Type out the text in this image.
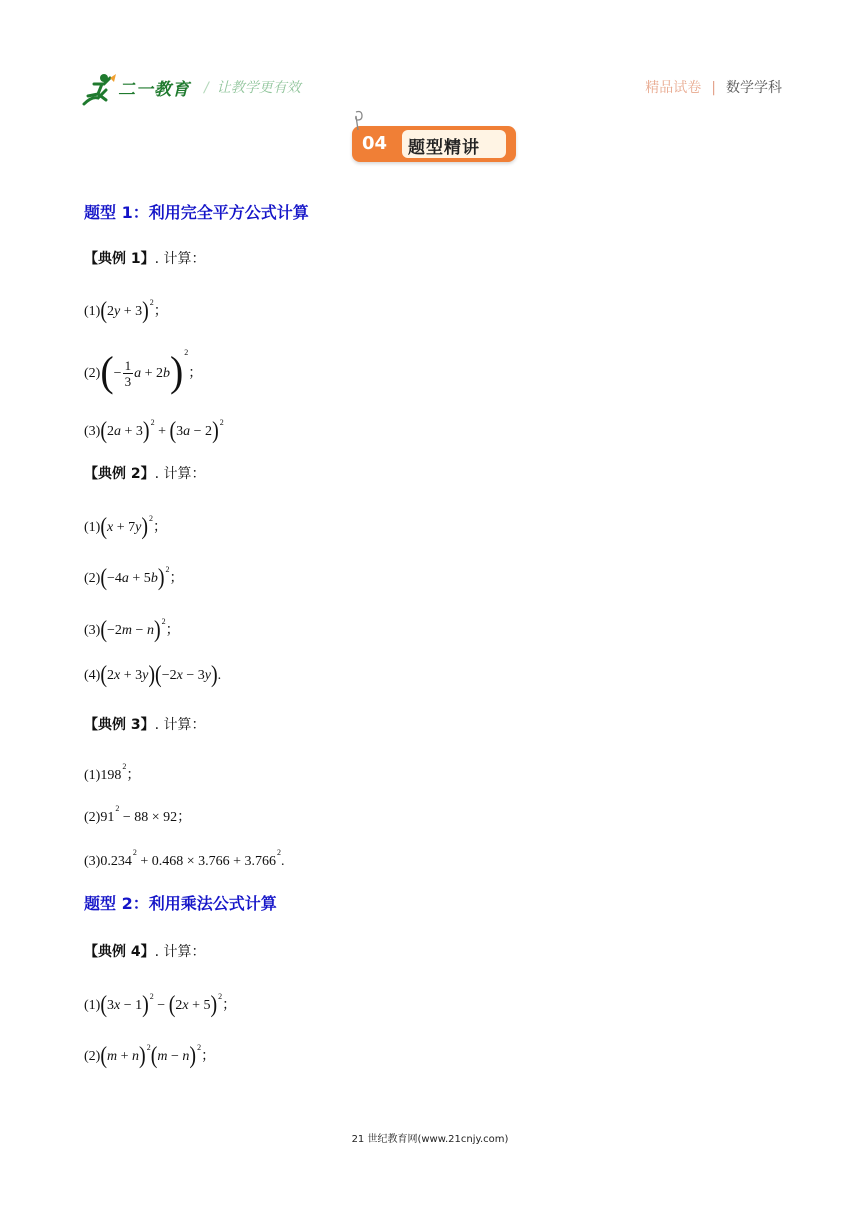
二一教育 / 让教学更有效	精品试卷 | 数学学科
04 题型精讲
题型 1：利用完全平方公式计算
【典例 1】. 计算：
$(1)(2y + 3)^2$；
$(2)(- \frac{1}{3}$ $a + 2b)^2$；
$(3)(2a + 3)^2 + (3a - 2)^2$
【典例 2】. 计算：
$(1)(x + 7y)^2$；
$(2)(-4a + 5b)^2$；
$(3)(-2m - n)^2$；
(4)(2x + 3y)(−2x − 3y).
【典例 3】. 计算：
$(1)198^2$；
$(2)91^2 - 88 \times 92$；
$(3)0.234^2 + 0.468 \times 3.766 + 3.766^2$.
题型 2：利用乘法公式计算
【典例 4】. 计算：
$(1)(3x - 1)^2 - (2x + 5)^2$；
$(2)(m + n)^2(m - n)^2$；
21 世纪教育网(www.21cnjy.com)
